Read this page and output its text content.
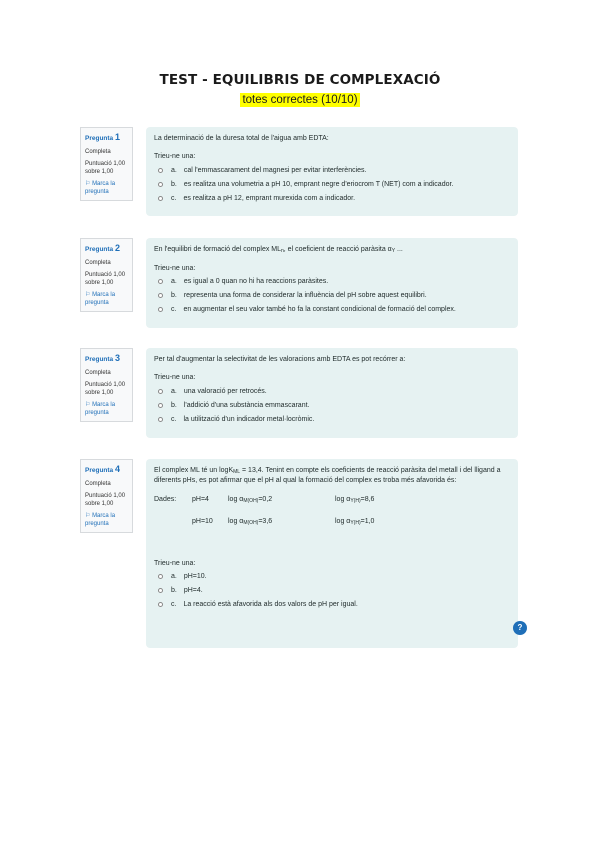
TEST - EQUILIBRIS DE COMPLEXACIÓ
totes correctes (10/10)
Pregunta 1
Completa
Puntuació 1,00 sobre 1,00
⚐ Marca la pregunta
La determinació de la duresa total de l'aigua amb EDTA:
Trieu-ne una:
a. cal l'emmascarament del magnesi per evitar interferències.
b. es realitza una volumetria a pH 10, emprant negre d'eriocrom T (NET) com a indicador.
c. es realitza a pH 12, emprant murexida com a indicador.
Pregunta 2
Completa
Puntuació 1,00 sobre 1,00
⚐ Marca la pregunta
En l'equilibri de formació del complex $ML_n$, el coeficient de reacció paràsita $\alpha_Y$ ...
Trieu-ne una:
a. es igual a 0 quan no hi ha reaccions paràsites.
b. representa una forma de considerar la influència del pH sobre aquest equilibri.
c. en augmentar el seu valor també ho fa la constant condicional de formació del complex.
Pregunta 3
Completa
Puntuació 1,00 sobre 1,00
⚐ Marca la pregunta
Per tal d'augmentar la selectivitat de les valoracions amb EDTA es pot recórrer a:
Trieu-ne una:
a. una valoració per retrocés.
b. l'addició d'una substància emmascarant.
c. la utilització d'un indicador metal·locròmic.
Pregunta 4
Completa
Puntuació 1,00 sobre 1,00
⚐ Marca la pregunta
El complex ML té un logK$_{ML}$ = 13,4. Tenint en compte els coeficients de reacció paràsita del metall i del lligand a diferents pHs, es pot afirmar que el pH al qual la formació del complex es troba més afavorida és:
Dades:	pH=4	$\log \alpha_{M(OH)}=0,2$	$\log \alpha_{Y(H)}=8,6$
pH=10	$\log \alpha_{M(OH)}=3,6$	$\log \alpha_{Y(H)}=1,0$
Trieu-ne una:
a. pH=10.
b. pH=4.
c. La reacció està afavorida als dos valors de pH per igual.
?
